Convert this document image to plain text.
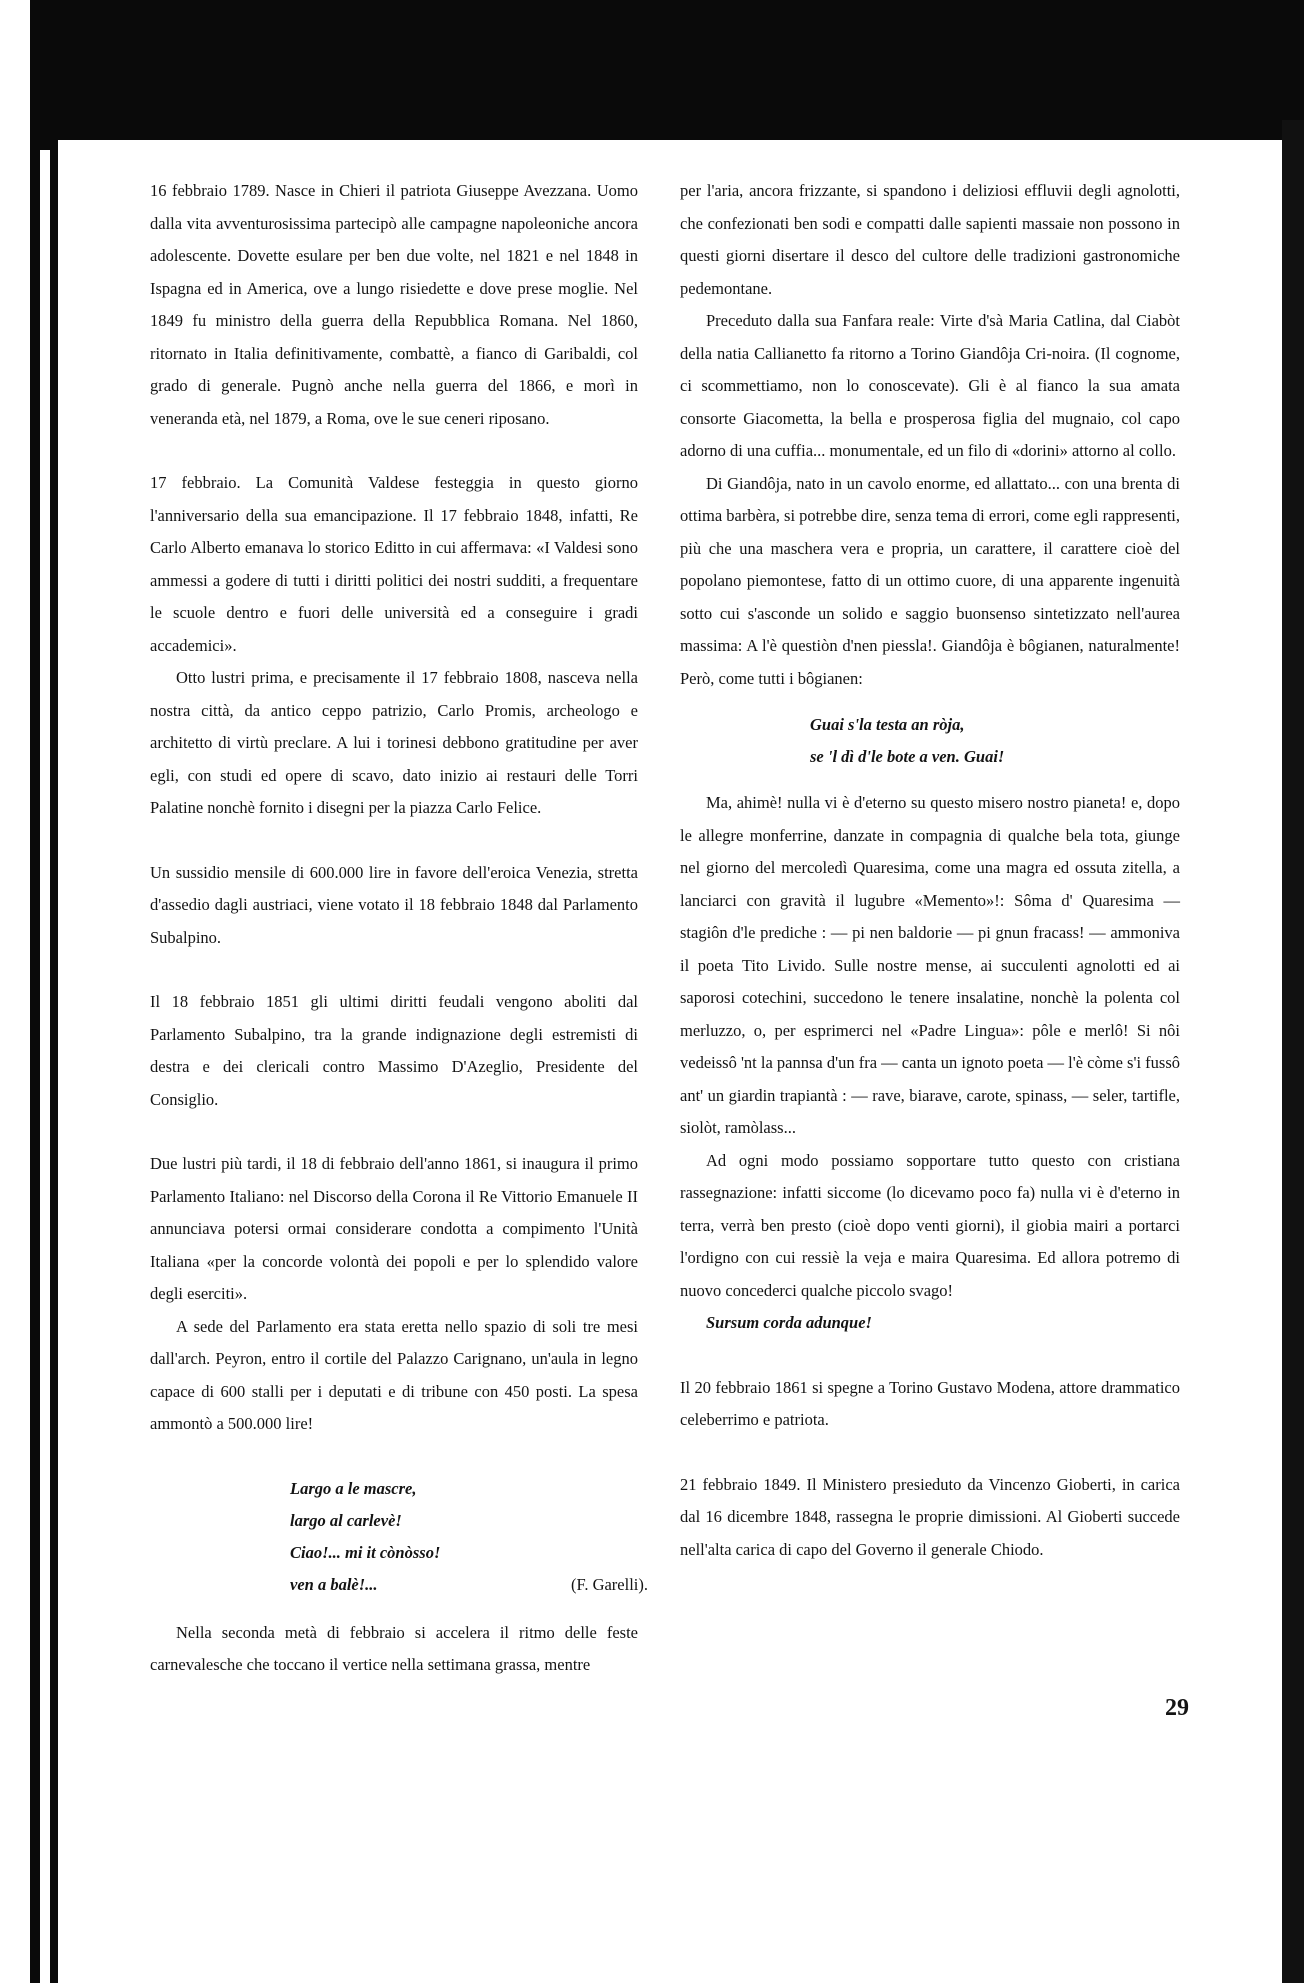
16 febbraio 1789. Nasce in Chieri il patriota Giuseppe Avezzana. Uomo dalla vita avventurosissima partecipò alle campagne napoleoniche ancora adolescente. Dovette esulare per ben due volte, nel 1821 e nel 1848 in Ispagna ed in America, ove a lungo risiedette e dove prese moglie. Nel 1849 fu ministro della guerra della Repubblica Romana. Nel 1860, ritornato in Italia definitivamente, combattè, a fianco di Garibaldi, col grado di generale. Pugnò anche nella guerra del 1866, e morì in veneranda età, nel 1879, a Roma, ove le sue ceneri riposano.

17 febbraio. La Comunità Valdese festeggia in questo giorno l'anniversario della sua emancipazione. Il 17 febbraio 1848, infatti, Re Carlo Alberto emanava lo storico Editto in cui affermava: «I Valdesi sono ammessi a godere di tutti i diritti politici dei nostri sudditi, a frequentare le scuole dentro e fuori delle università ed a conseguire i gradi accademici».

Otto lustri prima, e precisamente il 17 febbraio 1808, nasceva nella nostra città, da antico ceppo patrizio, Carlo Promis, archeologo e architetto di virtù preclare. A lui i torinesi debbono gratitudine per aver egli, con studi ed opere di scavo, dato inizio ai restauri delle Torri Palatine nonchè fornito i disegni per la piazza Carlo Felice.

Un sussidio mensile di 600.000 lire in favore dell'eroica Venezia, stretta d'assedio dagli austriaci, viene votato il 18 febbraio 1848 dal Parlamento Subalpino.

Il 18 febbraio 1851 gli ultimi diritti feudali vengono aboliti dal Parlamento Subalpino, tra la grande indignazione degli estremisti di destra e dei clericali contro Massimo D'Azeglio, Presidente del Consiglio.

Due lustri più tardi, il 18 di febbraio dell'anno 1861, si inaugura il primo Parlamento Italiano: nel Discorso della Corona il Re Vittorio Emanuele II annunciava potersi ormai considerare condotta a compimento l'Unità Italiana «per la concorde volontà dei popoli e per lo splendido valore degli eserciti».

A sede del Parlamento era stata eretta nello spazio di soli tre mesi dall'arch. Peyron, entro il cortile del Palazzo Carignano, un'aula in legno capace di 600 stalli per i deputati e di tribune con 450 posti. La spesa ammontò a 500.000 lire!

Largo a le mascre,
largo al carlevè!
Ciao!... mi it cònòsso!
ven a balè!...	(F. Garelli).

Nella seconda metà di febbraio si accelera il ritmo delle feste carnevalesche che toccano il vertice nella settimana grassa, mentre

per l'aria, ancora frizzante, si spandono i deliziosi effluvii degli agnolotti, che confezionati ben sodi e compatti dalle sapienti massaie non possono in questi giorni disertare il desco del cultore delle tradizioni gastronomiche pedemontane.

Preceduto dalla sua Fanfara reale: Virte d'sà Maria Catlina, dal Ciabòt della natia Callianetto fa ritorno a Torino Giandôja Cri-noira. (Il cognome, ci scommettiamo, non lo conoscevate). Gli è al fianco la sua amata consorte Giacometta, la bella e prosperosa figlia del mugnaio, col capo adorno di una cuffia... monumentale, ed un filo di «dorini» attorno al collo.

Di Giandôja, nato in un cavolo enorme, ed allattato... con una brenta di ottima barbèra, si potrebbe dire, senza tema di errori, come egli rappresenti, più che una maschera vera e propria, un carattere, il carattere cioè del popolano piemontese, fatto di un ottimo cuore, di una apparente ingenuità sotto cui s'asconde un solido e saggio buonsenso sintetizzato nell'aurea massima: A l'è questiòn d'nen piessla!. Giandôja è bôgianen, naturalmente! Però, come tutti i bôgianen:

Guai s'la testa an ròja,
se 'l dì d'le bote a ven. Guai!

Ma, ahimè! nulla vi è d'eterno su questo misero nostro pianeta! e, dopo le allegre monferrine, danzate in compagnia di qualche bela tota, giunge nel giorno del mercoledì Quaresima, come una magra ed ossuta zitella, a lanciarci con gravità il lugubre «Memento»!: Sôma d' Quaresima — stagiôn d'le prediche : — pi nen baldorie — pi gnun fracass! — ammoniva il poeta Tito Livido. Sulle nostre mense, ai succulenti agnolotti ed ai saporosi cotechini, succedono le tenere insalatine, nonchè la polenta col merluzzo, o, per esprimerci nel «Padre Lingua»: pôle e merlô! Si nôi vedeissô 'nt la pannsa d'un fra — canta un ignoto poeta — l'è còme s'i fussô ant' un giardin trapiantà : — rave, biarave, carote, spinass, — seler, tartifle, siolòt, ramòlass...

Ad ogni modo possiamo sopportare tutto questo con cristiana rassegnazione: infatti siccome (lo dicevamo poco fa) nulla vi è d'eterno in terra, verrà ben presto (cioè dopo venti giorni), il giobia mairi a portarci l'ordigno con cui ressiè la veja e maira Quaresima. Ed allora potremo di nuovo concederci qualche piccolo svago!

Sursum corda adunque!

Il 20 febbraio 1861 si spegne a Torino Gustavo Modena, attore drammatico celeberrimo e patriota.

21 febbraio 1849. Il Ministero presieduto da Vincenzo Gioberti, in carica dal 16 dicembre 1848, rassegna le proprie dimissioni. Al Gioberti succede nell'alta carica di capo del Governo il generale Chiodo.

29
